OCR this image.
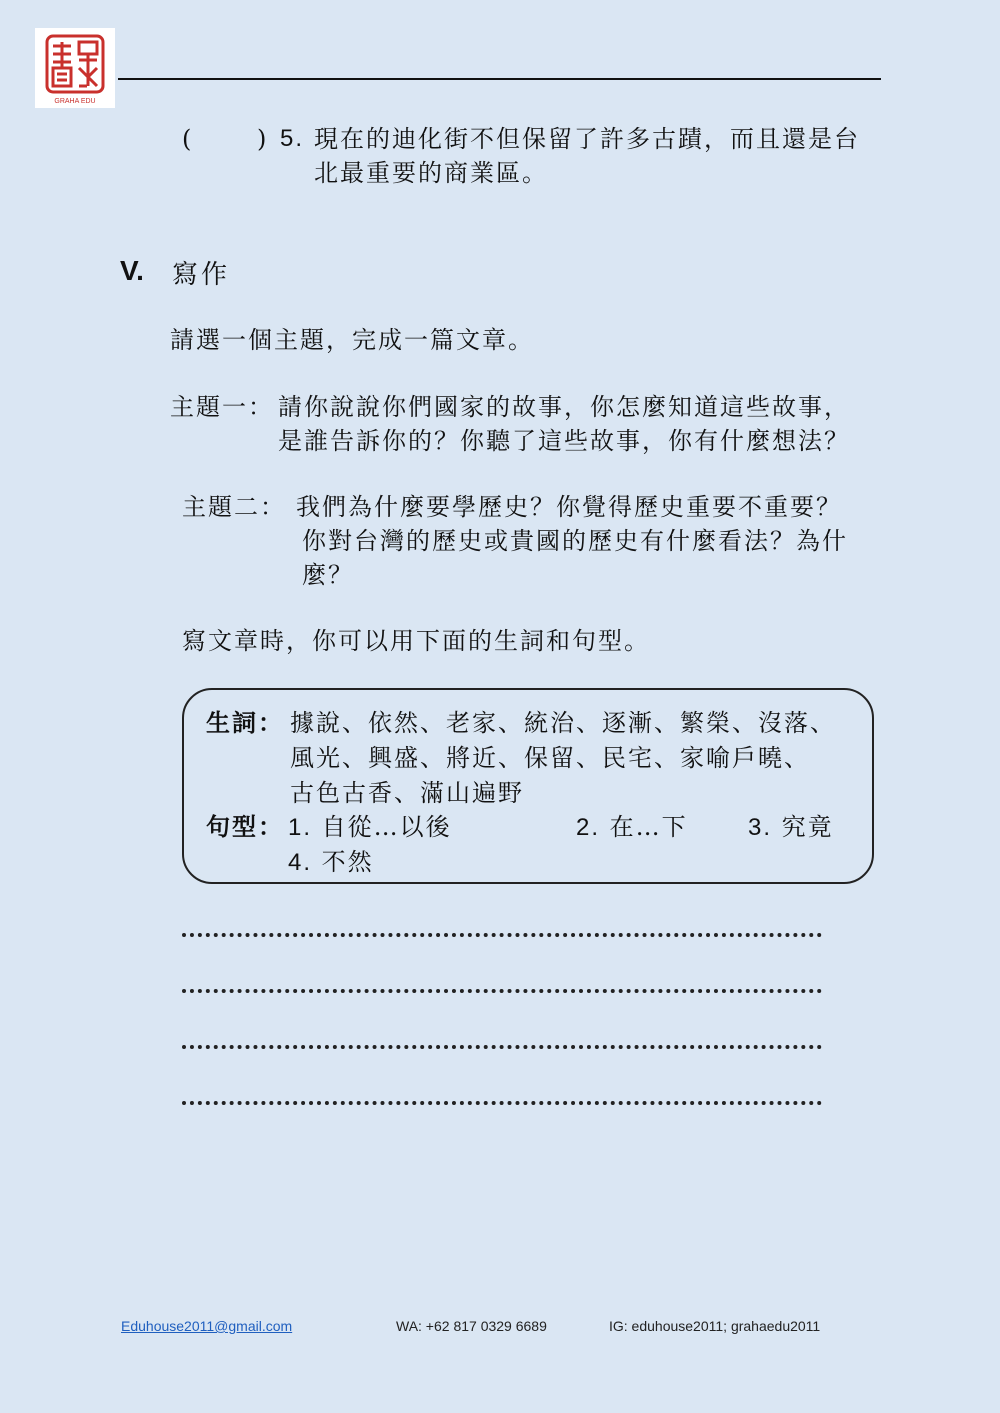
GRAHA EDU
(	) 5. 現在的迪化街不但保留了許多古蹟，而且還是台
北最重要的商業區。
V. 寫作
請選一個主題，完成一篇文章。
主題一： 請你說說你們國家的故事，你怎麼知道這些故事，
是誰告訴你的？你聽了這些故事，你有什麼想法？
主題二： 我們為什麼要學歷史？你覺得歷史重要不重要？
你對台灣的歷史或貴國的歷史有什麼看法？為什
麼？
寫文章時，你可以用下面的生詞和句型。
生詞： 據說、依然、老家、統治、逐漸、繁榮、沒落、
風光、興盛、將近、保留、民宅、家喻戶曉、
古色古香、滿山遍野
句型： 1. 自從…以後	2. 在…下	3. 究竟
4. 不然
Eduhouse2011@gmail.com	WA: +62 817 0329 6689	IG: eduhouse2011; grahaedu2011
